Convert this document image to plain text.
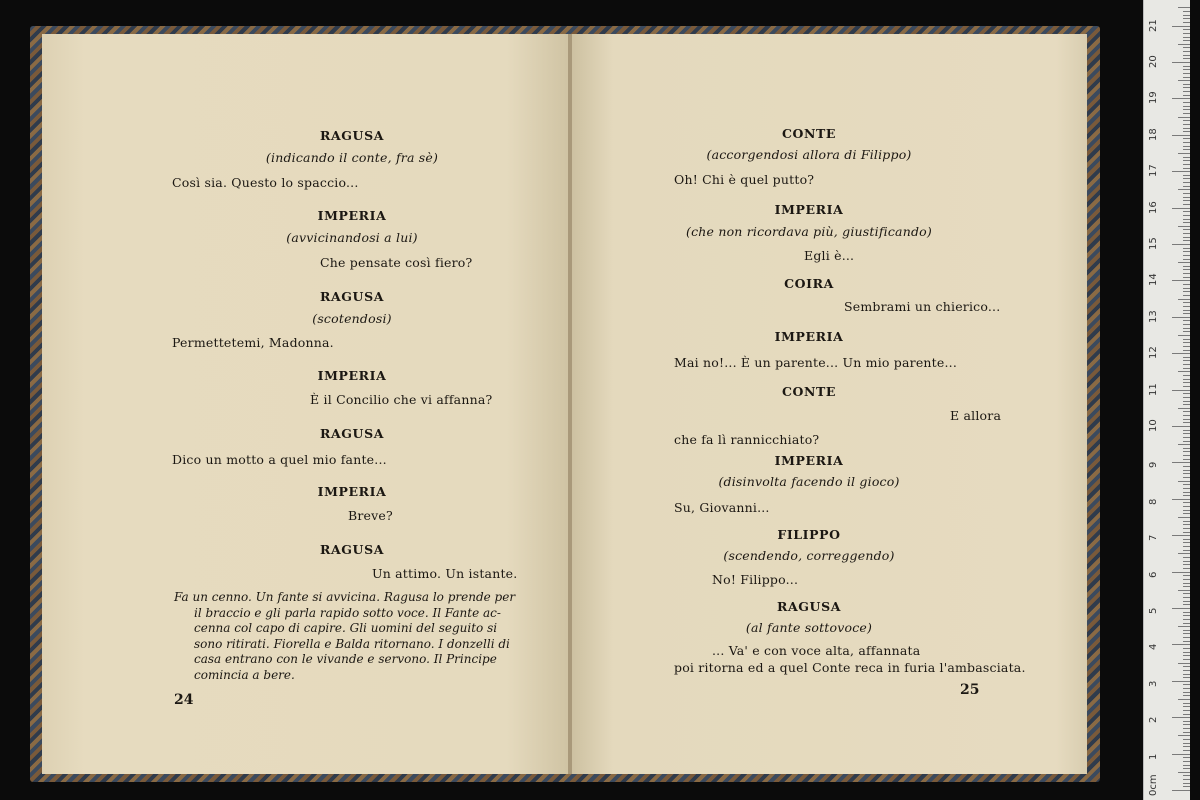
RAGUSA

(indicando il conte, fra sè)

Così sia. Questo lo spaccio...

IMPERIA

(avvicinandosi a lui)

Che pensate così fiero?

RAGUSA

(scotendosi)

Permettetemi, Madonna.

IMPERIA

È il Concilio che vi affanna?

RAGUSA

Dico un motto a quel mio fante...

IMPERIA

Breve?

RAGUSA

Un attimo. Un istante.

24

Fa un cenno. Un fante si avvicina. Ragusa lo prende per

il braccio e gli parla rapido sotto voce. Il Fante ac-

cenna col capo di capire. Gli uomini del seguito si

sono ritirati. Fiorella e Balda ritornano. I donzelli di

casa entrano con le vivande e servono. Il Principe

comincia a bere.

CONTE

(accorgendosi allora di Filippo)

Oh! Chi è quel putto?

IMPERIA

(che non ricordava più, giustificando)

Egli è...

COIRA

Sembrami un chierico...

IMPERIA

Mai no!... È un parente... Un mio parente...

CONTE

E allora

che fa lì rannicchiato?

IMPERIA

(disinvolta facendo il gioco)

Su, Giovanni...

FILIPPO

(scendendo, correggendo)

No! Filippo...

RAGUSA

(al fante sottovoce)

... Va' e con voce alta, affannata

poi ritorna ed a quel Conte reca in furia l'ambasciata.

25
0cm
1
2
3
4
5
6
7
8
9
10
11
12
13
14
15
16
17
18
19
20
21
